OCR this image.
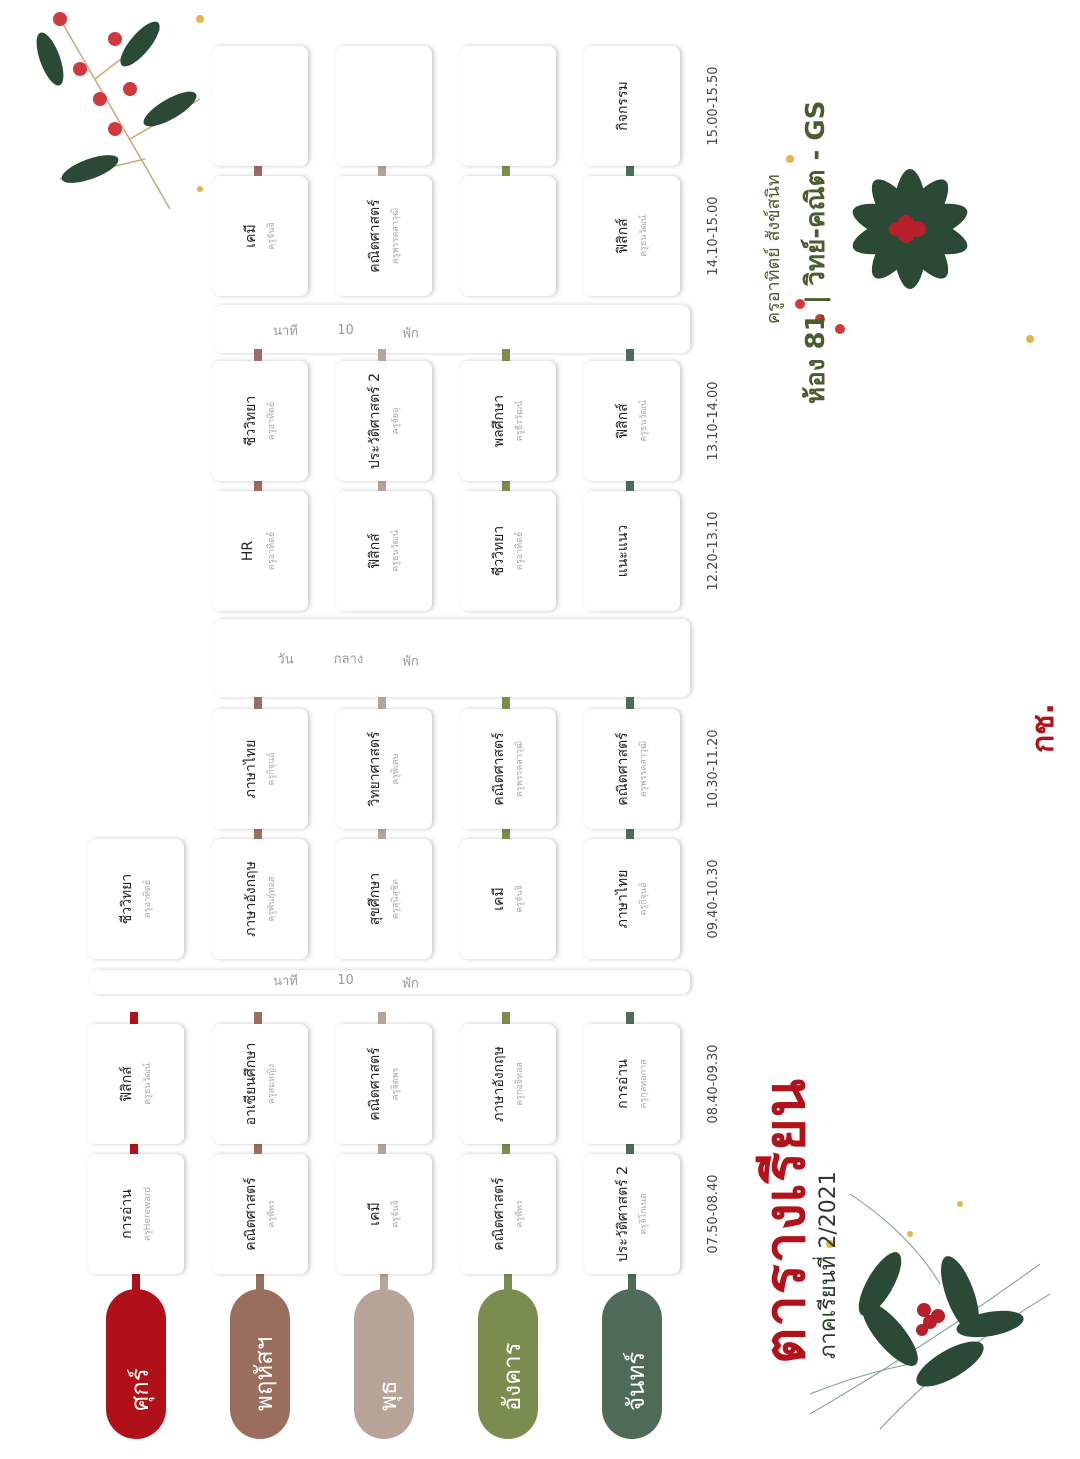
ตารางเรียน
ภาคเรียนที่ 2/2021
ห้อง 81 | วิทย์-คณิต - GS
ครูอาทิตย์ สังข์สนิท
กช.
07.50-08.40
08.40-09.30
09.40-10.30
10.30-11.20
12.20-13.10
13.10-14.00
14.10-15.00
15.00-15.50
พัก
10
นาที
พัก
กลาง
วัน
พัก
10
นาที
จันทร์
ประวัติศาสตร์ 2 ครูจิโกเนต
การอ่าน ครูกุลทอกาส
ภาษาไทย ครูกิจุนอ์
คณิตศาสตร์ ครูพรรคสาวุฒิ
แนะแนว
ฟิสิกส์ ครูธนวัฒน์
ฟิสิกส์ ครูธนวัฒน์
กิจกรรม
อังคาร
คณิตศาสตร์ ครูพีพร
ภาษาอังกฤษ ครูกอจิทอส
เคมี ครูจันจิ
คณิตศาสตร์ ครูพรรคสาวุฒิ
ชีววิทยา ครูอาทิตย์
พลศึกษา ครูธีรวัฒน์
พุธ
เคมี ครูจันจิ
คณิตศาสตร์ ครูจิตพร
สุขศึกษา ครูสุนิสุชิต
วิทยาศาสตร์ ครูพิเศษ
ฟิสิกส์ ครูธนวัฒน์
ประวัติศาสตร์ 2 ครูจัยอุ
คณิตศาสตร์ ครูพรรคสาวุฒิ
พฤหัสฯ
คณิตศาสตร์ ครูพีพร
อาเซียนศึกษา ครูสมหญิง
ภาษาอังกฤษ ครูพันธุ์ทอส
ภาษาไทย ครูกิจุนอ์
HR	ครูอาทิตย์
ชีววิทยา ครูอาทิตย์
เคมี ครูจันจิ
ศุกร์
การอ่าน ครูHereward
ฟิสิกส์ ครูธนวัฒน์
ชีววิทยา ครูอาทิตย์
